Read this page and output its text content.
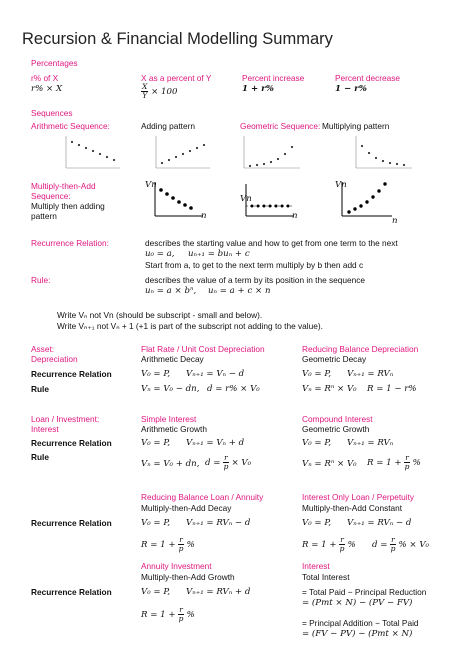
Recursion & Financial Modelling Summary
Percentages
r% of X
r% × X
X as a percent of Y
$\frac{X}{Y} \times 100$
Percent increase
1 + r%
Percent decrease
1 − r%
Sequences
Arithmetic Sequence:	Adding pattern	Geometric Sequence: Multiplying pattern
Multiply-then-Add
Sequence:
Multiply then adding
pattern
Vn
n
Vn
n
Vn
n
Recurrence Relation:	describes the starting value and how to get from one term to the next
u₀ = a, uₙ₊₁ = buₙ + c
Start from a, to get to the next term multiply by b then add c
Rule:	describes the value of a term by its position in the sequence
uₙ = a × bⁿ, uₙ = a + c × n
Write Vₙ not Vn (should be subscript - small and below).
Write Vₙ₊₁ not Vₙ + 1 (+1 is part of the subscript not adding to the value).
Asset:
Depreciation
Flat Rate / Unit Cost Depreciation
Arithmetic Decay
Reducing Balance Depreciation
Geometric Decay
Recurrence Relation	V₀ = P, Vₙ₊₁ = Vₙ − d	V₀ = P, Vₙ₊₁ = RVₙ
Rule	Vₙ = V₀ − dn, d = r% × V₀	Vₙ = Rⁿ × V₀ R = 1 − r%
Loan / Investment:
Interest
Simple Interest
Arithmetic Growth
Compound Interest
Geometric Growth
Recurrence Relation	V₀ = P, Vₙ₊₁ = Vₙ + d	V₀ = P, Vₙ₊₁ = RVₙ
Rule
Vₙ = V₀ + dn, $d = \frac{r}{p} \times V_0$	Vₙ = Rⁿ × V₀ $R = 1 + \frac{r}{p}$ %
Reducing Balance Loan / Annuity
Multiply-then-Add Decay
Interest Only Loan / Perpetuity
Multiply-then-Add Constant
Recurrence Relation	V₀ = P, Vₙ₊₁ = RVₙ − d	V₀ = P, Vₙ₊₁ = RVₙ − d
$R = 1 + \frac{r}{p}$ %	$R = 1 + \frac{r}{p}$ % $d = \frac{r}{p}$ % × V₀
Annuity Investment
Multiply-then-Add Growth
Interest
Total Interest
Recurrence Relation	V₀ = P, Vₙ₊₁ = RVₙ + d
$R = 1 + \frac{r}{p}$ %
= Total Paid − Principal Reduction
= (Pmt × N) − (PV − FV)
= Principal Addition − Total Paid
= (FV − PV) − (Pmt × N)
